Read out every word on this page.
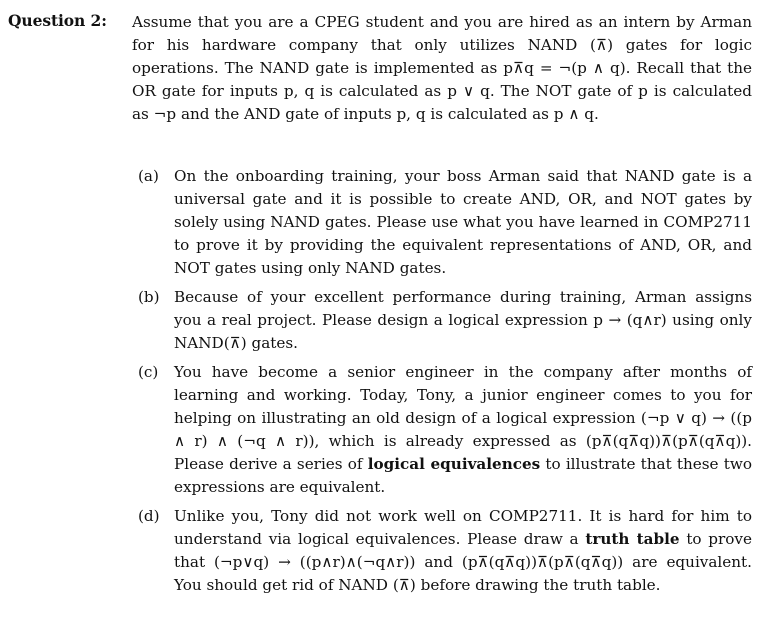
Question 2: Assume that you are a CPEG student and you are hired as an intern by Arman for his hardware company that only utilizes NAND (⊼) gates for logic operations. The NAND gate is implemented as p⊼q = ¬(p ∧ q). Recall that the OR gate for inputs p, q is calculated as p ∨ q. The NOT gate of p is calculated as ¬p and the AND gate of inputs p, q is calculated as p ∧ q.
(a) On the onboarding training, your boss Arman said that NAND gate is a universal gate and it is possible to create AND, OR, and NOT gates by solely using NAND gates. Please use what you have learned in COMP2711 to prove it by providing the equivalent representations of AND, OR, and NOT gates using only NAND gates.
(b) Because of your excellent performance during training, Arman assigns you a real project. Please design a logical expression p → (q∧r) using only NAND(⊼) gates.
(c) You have become a senior engineer in the company after months of learning and working. Today, Tony, a junior engineer comes to you for helping on illustrating an old design of a logical expression (¬p ∨ q) → ((p ∧ r) ∧ (¬q ∧ r)), which is already expressed as (p⊼(q⊼q))⊼(p⊼(q⊼q)). Please derive a series of logical equivalences to illustrate that these two expressions are equivalent.
(d) Unlike you, Tony did not work well on COMP2711. It is hard for him to understand via logical equivalences. Please draw a truth table to prove that (¬p∨q) → ((p∧r)∧(¬q∧r)) and (p⊼(q⊼q))⊼(p⊼(q⊼q)) are equivalent. You should get rid of NAND (⊼) before drawing the truth table.
